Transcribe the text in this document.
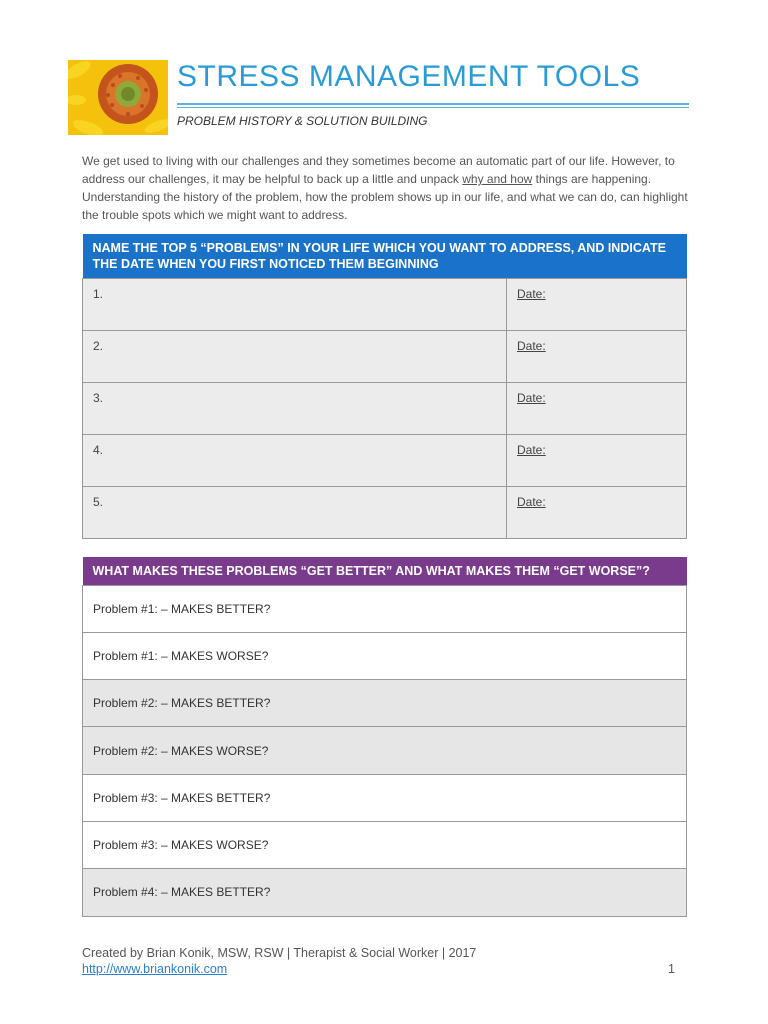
STRESS MANAGEMENT TOOLS
PROBLEM HISTORY & SOLUTION BUILDING
We get used to living with our challenges and they sometimes become an automatic part of our life. However, to address our challenges, it may be helpful to back up a little and unpack why and how things are happening. Understanding the history of the problem, how the problem shows up in our life, and what we can do, can highlight the trouble spots which we might want to address.
NAME THE TOP 5 “PROBLEMS” IN YOUR LIFE WHICH YOU WANT TO ADDRESS, AND INDICATE THE DATE WHEN YOU FIRST NOTICED THEM BEGINNING	
1.	Date:
2.	Date:
3.	Date:
4.	Date:
5.	Date:
WHAT MAKES THESE PROBLEMS “GET BETTER” AND WHAT MAKES THEM “GET WORSE”?
Problem #1: – MAKES BETTER?
Problem #1: – MAKES WORSE?
Problem #2: – MAKES BETTER?
Problem #2: – MAKES WORSE?
Problem #3: – MAKES BETTER?
Problem #3: – MAKES WORSE?
Problem #4: – MAKES BETTER?
Created by Brian Konik, MSW, RSW | Therapist & Social Worker | 2017
http://www.briankonik.com	1
